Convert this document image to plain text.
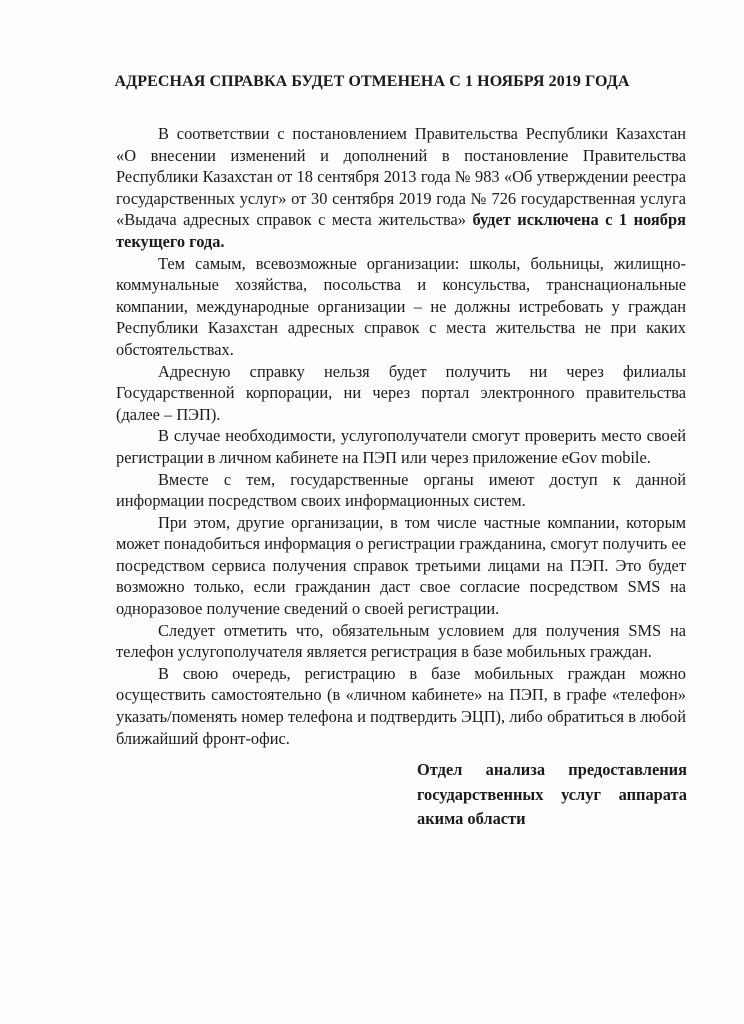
АДРЕСНАЯ СПРАВКА БУДЕТ ОТМЕНЕНА С 1 НОЯБРЯ 2019 ГОДА

В соответствии с постановлением Правительства Республики Казахстан «О внесении изменений и дополнений в постановление Правительства Республики Казахстан от 18 сентября 2013 года № 983 «Об утверждении реестра государственных услуг» от 30 сентября 2019 года № 726 государственная услуга «Выдача адресных справок с места жительства» будет исключена с 1 ноября текущего года.

Тем самым, всевозможные организации: школы, больницы, жилищно-коммунальные хозяйства, посольства и консульства, транснациональные компании, международные организации – не должны истребовать у граждан Республики Казахстан адресных справок с места жительства не при каких обстоятельствах.

Адресную справку нельзя будет получить ни через филиалы Государственной корпорации, ни через портал электронного правительства (далее – ПЭП).

В случае необходимости, услугополучатели смогут проверить место своей регистрации в личном кабинете на ПЭП или через приложение eGov mobile.

Вместе с тем, государственные органы имеют доступ к данной информации посредством своих информационных систем.

При этом, другие организации, в том числе частные компании, которым может понадобиться информация о регистрации гражданина, смогут получить ее посредством сервиса получения справок третьими лицами на ПЭП. Это будет возможно только, если гражданин даст свое согласие посредством SMS на одноразовое получение сведений о своей регистрации.

Следует отметить что, обязательным условием для получения SMS на телефон услугополучателя является регистрация в базе мобильных граждан.

В свою очередь, регистрацию в базе мобильных граждан можно осуществить самостоятельно (в «личном кабинете» на ПЭП, в графе «телефон» указать/поменять номер телефона и подтвердить ЭЦП), либо обратиться в любой ближайший фронт-офис.

Отдел анализа предоставления
государственных услуг аппарата
акима области
